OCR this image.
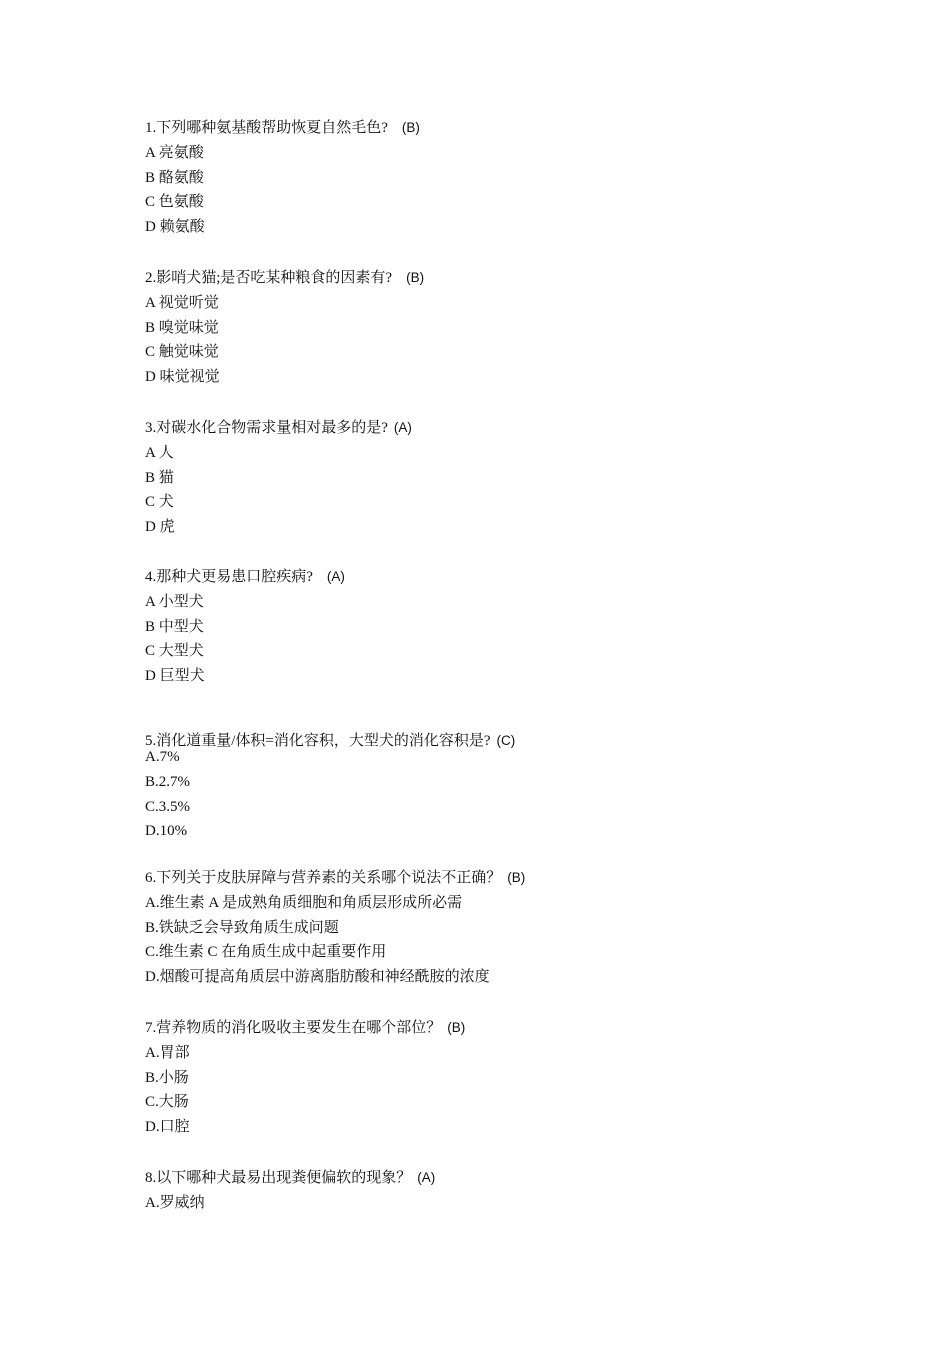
1.下列哪种氨基酸帮助恢夏自然毛色? (B)
A 亮氨酸
B 酪氨酸
C 色氨酸
D 赖氨酸
2.影哨犬猫;是否吃某种粮食的因素有? (B)
A 视觉听觉
B 嗅觉味觉
C 触觉味觉
D 味觉视觉
3.对碳水化合物需求量相对最多的是? (A)
A 人
B 猫
C 犬
D 虎
4.那种犬更易患口腔疾病? (A)
A 小型犬
B 中型犬
C 大型犬
D 巨型犬
5.消化道重量/体积=消化容积，大型犬的消化容积是? (C)
A.7%
B.2.7%
C.3.5%
D.10%
6.下列关于皮肤屏障与营养素的关系哪个说法不正确？ (B)
A.维生素 A 是成熟角质细胞和角质层形成所必需
B.铁缺乏会导致角质生成问题
C.维生素 C 在角质生成中起重要作用
D.烟酸可提高角质层中游离脂肪酸和神经酰胺的浓度
7.营养物质的消化吸收主要发生在哪个部位？ (B)
A.胃部
B.小肠
C.大肠
D.口腔
8.以下哪种犬最易出现粪便偏软的现象？ (A)
A.罗威纳
